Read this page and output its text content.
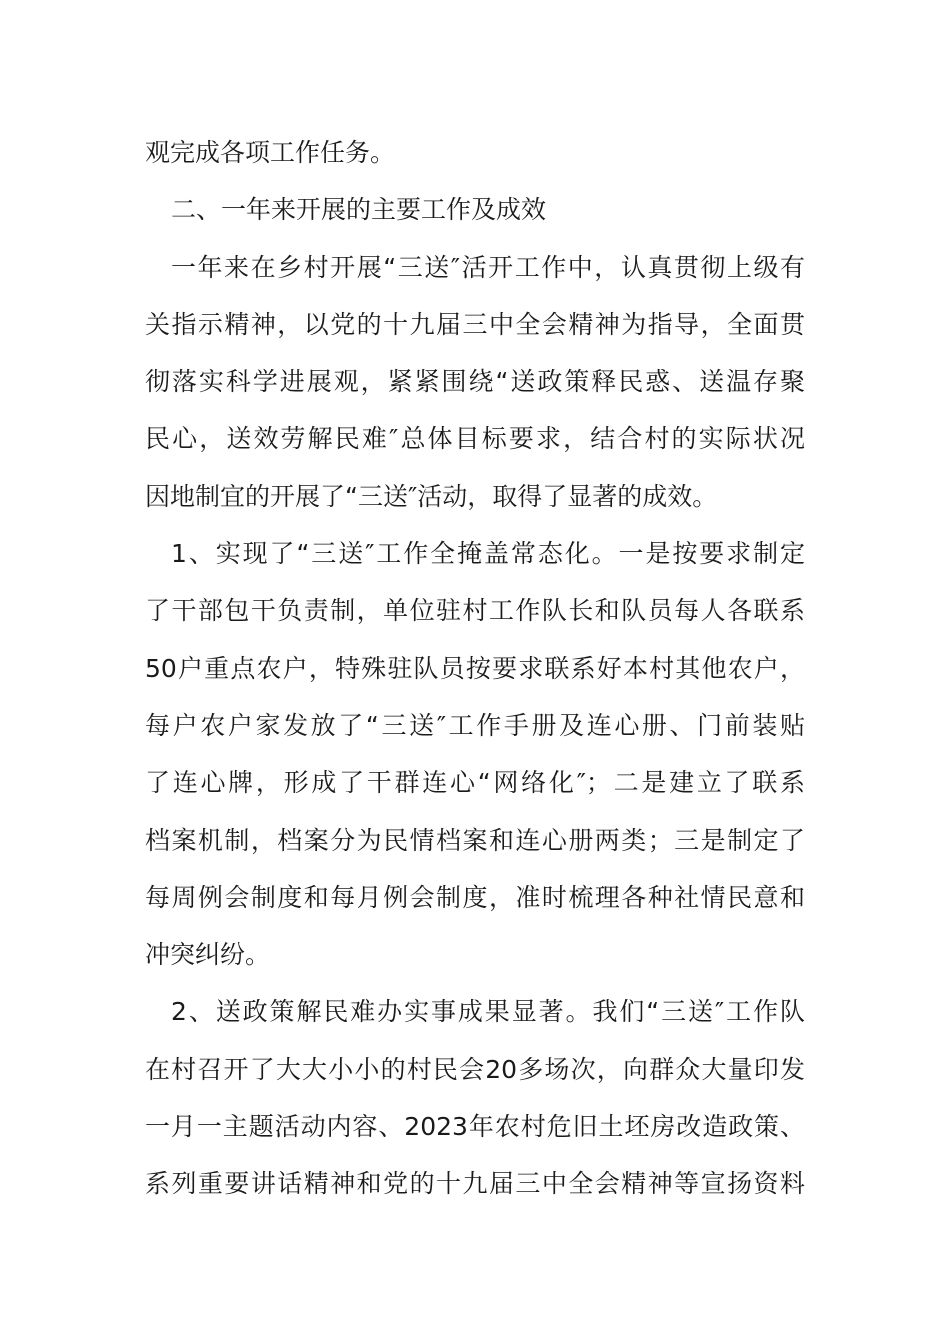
观完成各项工作任务。
二、一年来开展的主要工作及成效
一年来在乡村开展“三送″活开工作中，认真贯彻上级有
关指示精神，以党的十九届三中全会精神为指导，全面贯
彻落实科学进展观，紧紧围绕“送政策释民惑、送温存聚
民心，送效劳解民难″总体目标要求，结合村的实际状况
因地制宜的开展了“三送″活动，取得了显著的成效。
1、实现了“三送″工作全掩盖常态化。一是按要求制定
了干部包干负责制，单位驻村工作队长和队员每人各联系
50户重点农户，特殊驻队员按要求联系好本村其他农户，
每户农户家发放了“三送″工作手册及连心册、门前装贴
了连心牌，形成了干群连心“网络化″；二是建立了联系
档案机制，档案分为民情档案和连心册两类；三是制定了
每周例会制度和每月例会制度，准时梳理各种社情民意和
冲突纠纷。
2、送政策解民难办实事成果显著。我们“三送″工作队
在村召开了大大小小的村民会20多场次，向群众大量印发
一月一主题活动内容、2023年农村危旧土坯房改造政策、
系列重要讲话精神和党的十九届三中全会精神等宣扬资料
